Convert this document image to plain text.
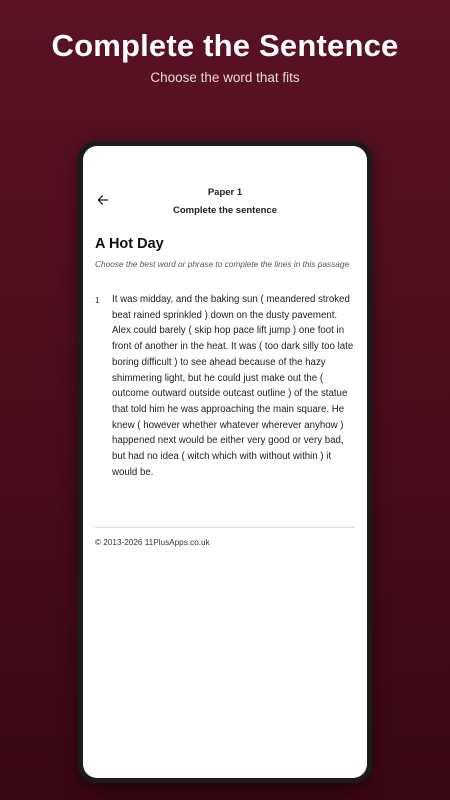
Complete the Sentence

Choose the word that fits

Paper 1
Complete the sentence
A Hot Day
Choose the best word or phrase to complete the lines in this passage
1 It was midday, and the baking sun ( meandered stroked beat rained sprinkled ) down on the dusty pavement. Alex could barely ( skip hop pace lift jump ) one foot in front of another in the heat. It was ( too dark silly too late boring difficult ) to see ahead because of the hazy shimmering light, but he could just make out the ( outcome outward outside outcast outline ) of the statue that told him he was approaching the main square. He knew ( however whether whatever wherever anyhow ) happened next would be either very good or very bad, but had no idea ( witch which with without within ) it would be.
© 2013-2026 11PlusApps.co.uk
